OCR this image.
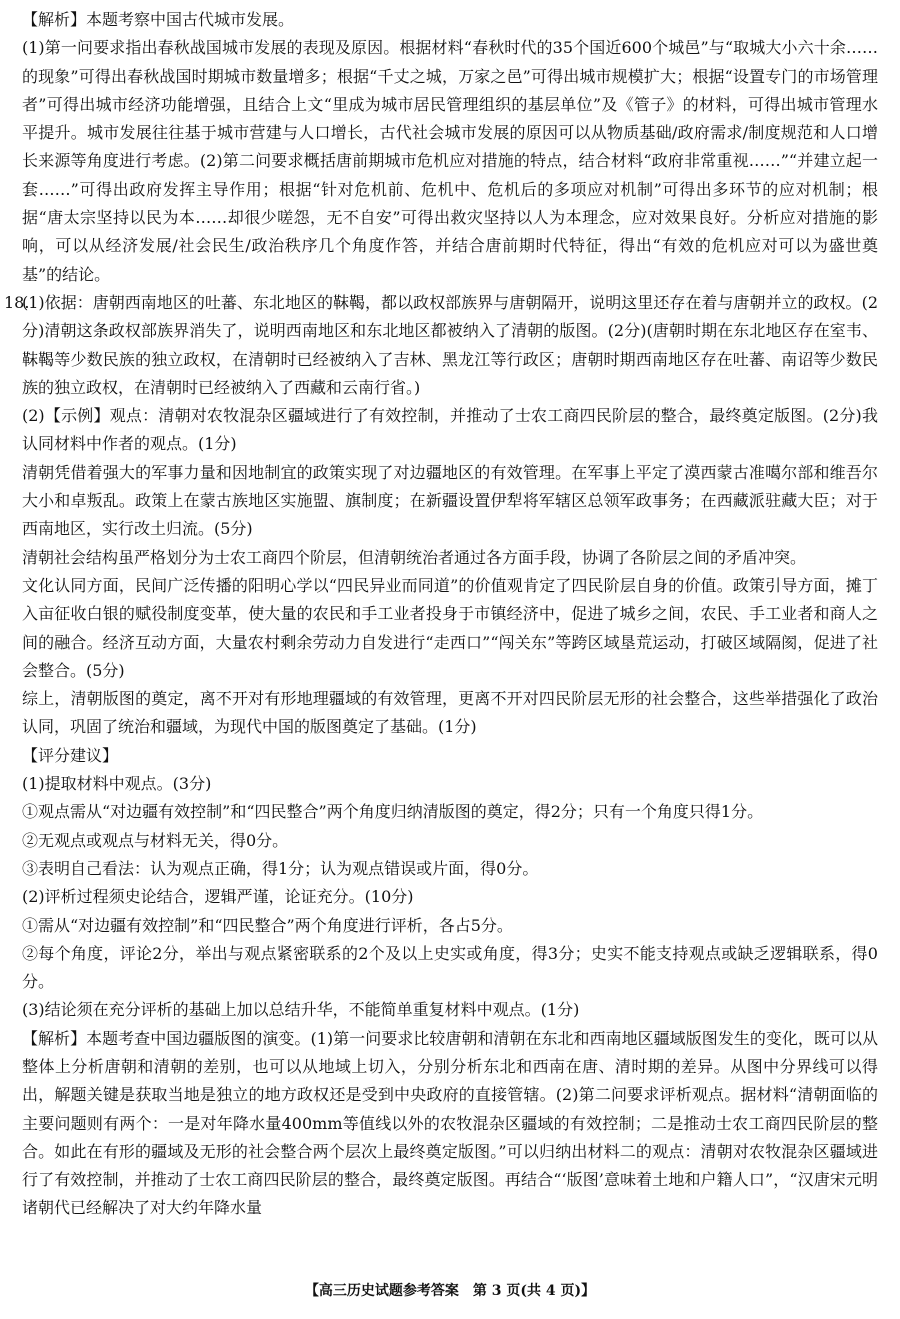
【解析】本题考察中国古代城市发展。

(1)第一问要求指出春秋战国城市发展的表现及原因。根据材料“春秋时代的35个国近600个城邑”与“取城大小六十余……的现象”可得出春秋战国时期城市数量增多；根据“千丈之城，万家之邑”可得出城市规模扩大；根据“设置专门的市场管理者”可得出城市经济功能增强，且结合上文“里成为城市居民管理组织的基层单位”及《管子》的材料，可得出城市管理水平提升。城市发展往往基于城市营建与人口增长，古代社会城市发展的原因可以从物质基础/政府需求/制度规范和人口增长来源等角度进行考虑。(2)第二问要求概括唐前期城市危机应对措施的特点，结合材料“政府非常重视……”“并建立起一套……”可得出政府发挥主导作用；根据“针对危机前、危机中、危机后的多项应对机制”可得出多环节的应对机制；根据“唐太宗坚持以民为本……却很少嗟怨，无不自安”可得出救灾坚持以人为本理念，应对效果良好。分析应对措施的影响，可以从经济发展/社会民生/政治秩序几个角度作答，并结合唐前期时代特征，得出“有效的危机应对可以为盛世奠基”的结论。

18.

(1)依据：唐朝西南地区的吐蕃、东北地区的靺鞨，都以政权部族界与唐朝隔开，说明这里还存在着与唐朝并立的政权。(2分)清朝这条政权部族界消失了，说明西南地区和东北地区都被纳入了清朝的版图。(2分)(唐朝时期在东北地区存在室韦、靺鞨等少数民族的独立政权，在清朝时已经被纳入了吉林、黑龙江等行政区；唐朝时期西南地区存在吐蕃、南诏等少数民族的独立政权，在清朝时已经被纳入了西藏和云南行省。)

(2)【示例】观点：清朝对农牧混杂区疆域进行了有效控制，并推动了士农工商四民阶层的整合，最终奠定版图。(2分)我认同材料中作者的观点。(1分)

清朝凭借着强大的军事力量和因地制宜的政策实现了对边疆地区的有效管理。在军事上平定了漠西蒙古准噶尔部和维吾尔大小和卓叛乱。政策上在蒙古族地区实施盟、旗制度；在新疆设置伊犁将军辖区总领军政事务；在西藏派驻藏大臣；对于西南地区，实行改土归流。(5分)

清朝社会结构虽严格划分为士农工商四个阶层，但清朝统治者通过各方面手段，协调了各阶层之间的矛盾冲突。

文化认同方面，民间广泛传播的阳明心学以“四民异业而同道”的价值观肯定了四民阶层自身的价值。政策引导方面，摊丁入亩征收白银的赋役制度变革，使大量的农民和手工业者投身于市镇经济中，促进了城乡之间，农民、手工业者和商人之间的融合。经济互动方面，大量农村剩余劳动力自发进行“走西口”“闯关东”等跨区域垦荒运动，打破区域隔阂，促进了社会整合。(5分)

综上，清朝版图的奠定，离不开对有形地理疆域的有效管理，更离不开对四民阶层无形的社会整合，这些举措强化了政治认同，巩固了统治和疆域，为现代中国的版图奠定了基础。(1分)

【评分建议】

(1)提取材料中观点。(3分)

①观点需从“对边疆有效控制”和“四民整合”两个角度归纳清版图的奠定，得2分；只有一个角度只得1分。

②无观点或观点与材料无关，得0分。

③表明自己看法：认为观点正确，得1分；认为观点错误或片面，得0分。

(2)评析过程须史论结合，逻辑严谨，论证充分。(10分)

①需从“对边疆有效控制”和“四民整合”两个角度进行评析，各占5分。

②每个角度，评论2分，举出与观点紧密联系的2个及以上史实或角度，得3分；史实不能支持观点或缺乏逻辑联系，得0分。

(3)结论须在充分评析的基础上加以总结升华，不能简单重复材料中观点。(1分)

【解析】本题考查中国边疆版图的演变。(1)第一问要求比较唐朝和清朝在东北和西南地区疆域版图发生的变化，既可以从整体上分析唐朝和清朝的差别，也可以从地域上切入，分别分析东北和西南在唐、清时期的差异。从图中分界线可以得出，解题关键是获取当地是独立的地方政权还是受到中央政府的直接管辖。(2)第二问要求评析观点。据材料“清朝面临的主要问题则有两个：一是对年降水量400mm等值线以外的农牧混杂区疆域的有效控制；二是推动士农工商四民阶层的整合。如此在有形的疆域及无形的社会整合两个层次上最终奠定版图。”可以归纳出材料二的观点：清朝对农牧混杂区疆域进行了有效控制，并推动了士农工商四民阶层的整合，最终奠定版图。再结合“‘版图’意味着土地和户籍人口”，“汉唐宋元明诸朝代已经解决了对大约年降水量

【高三历史试题参考答案　第 3 页(共 4 页)】
